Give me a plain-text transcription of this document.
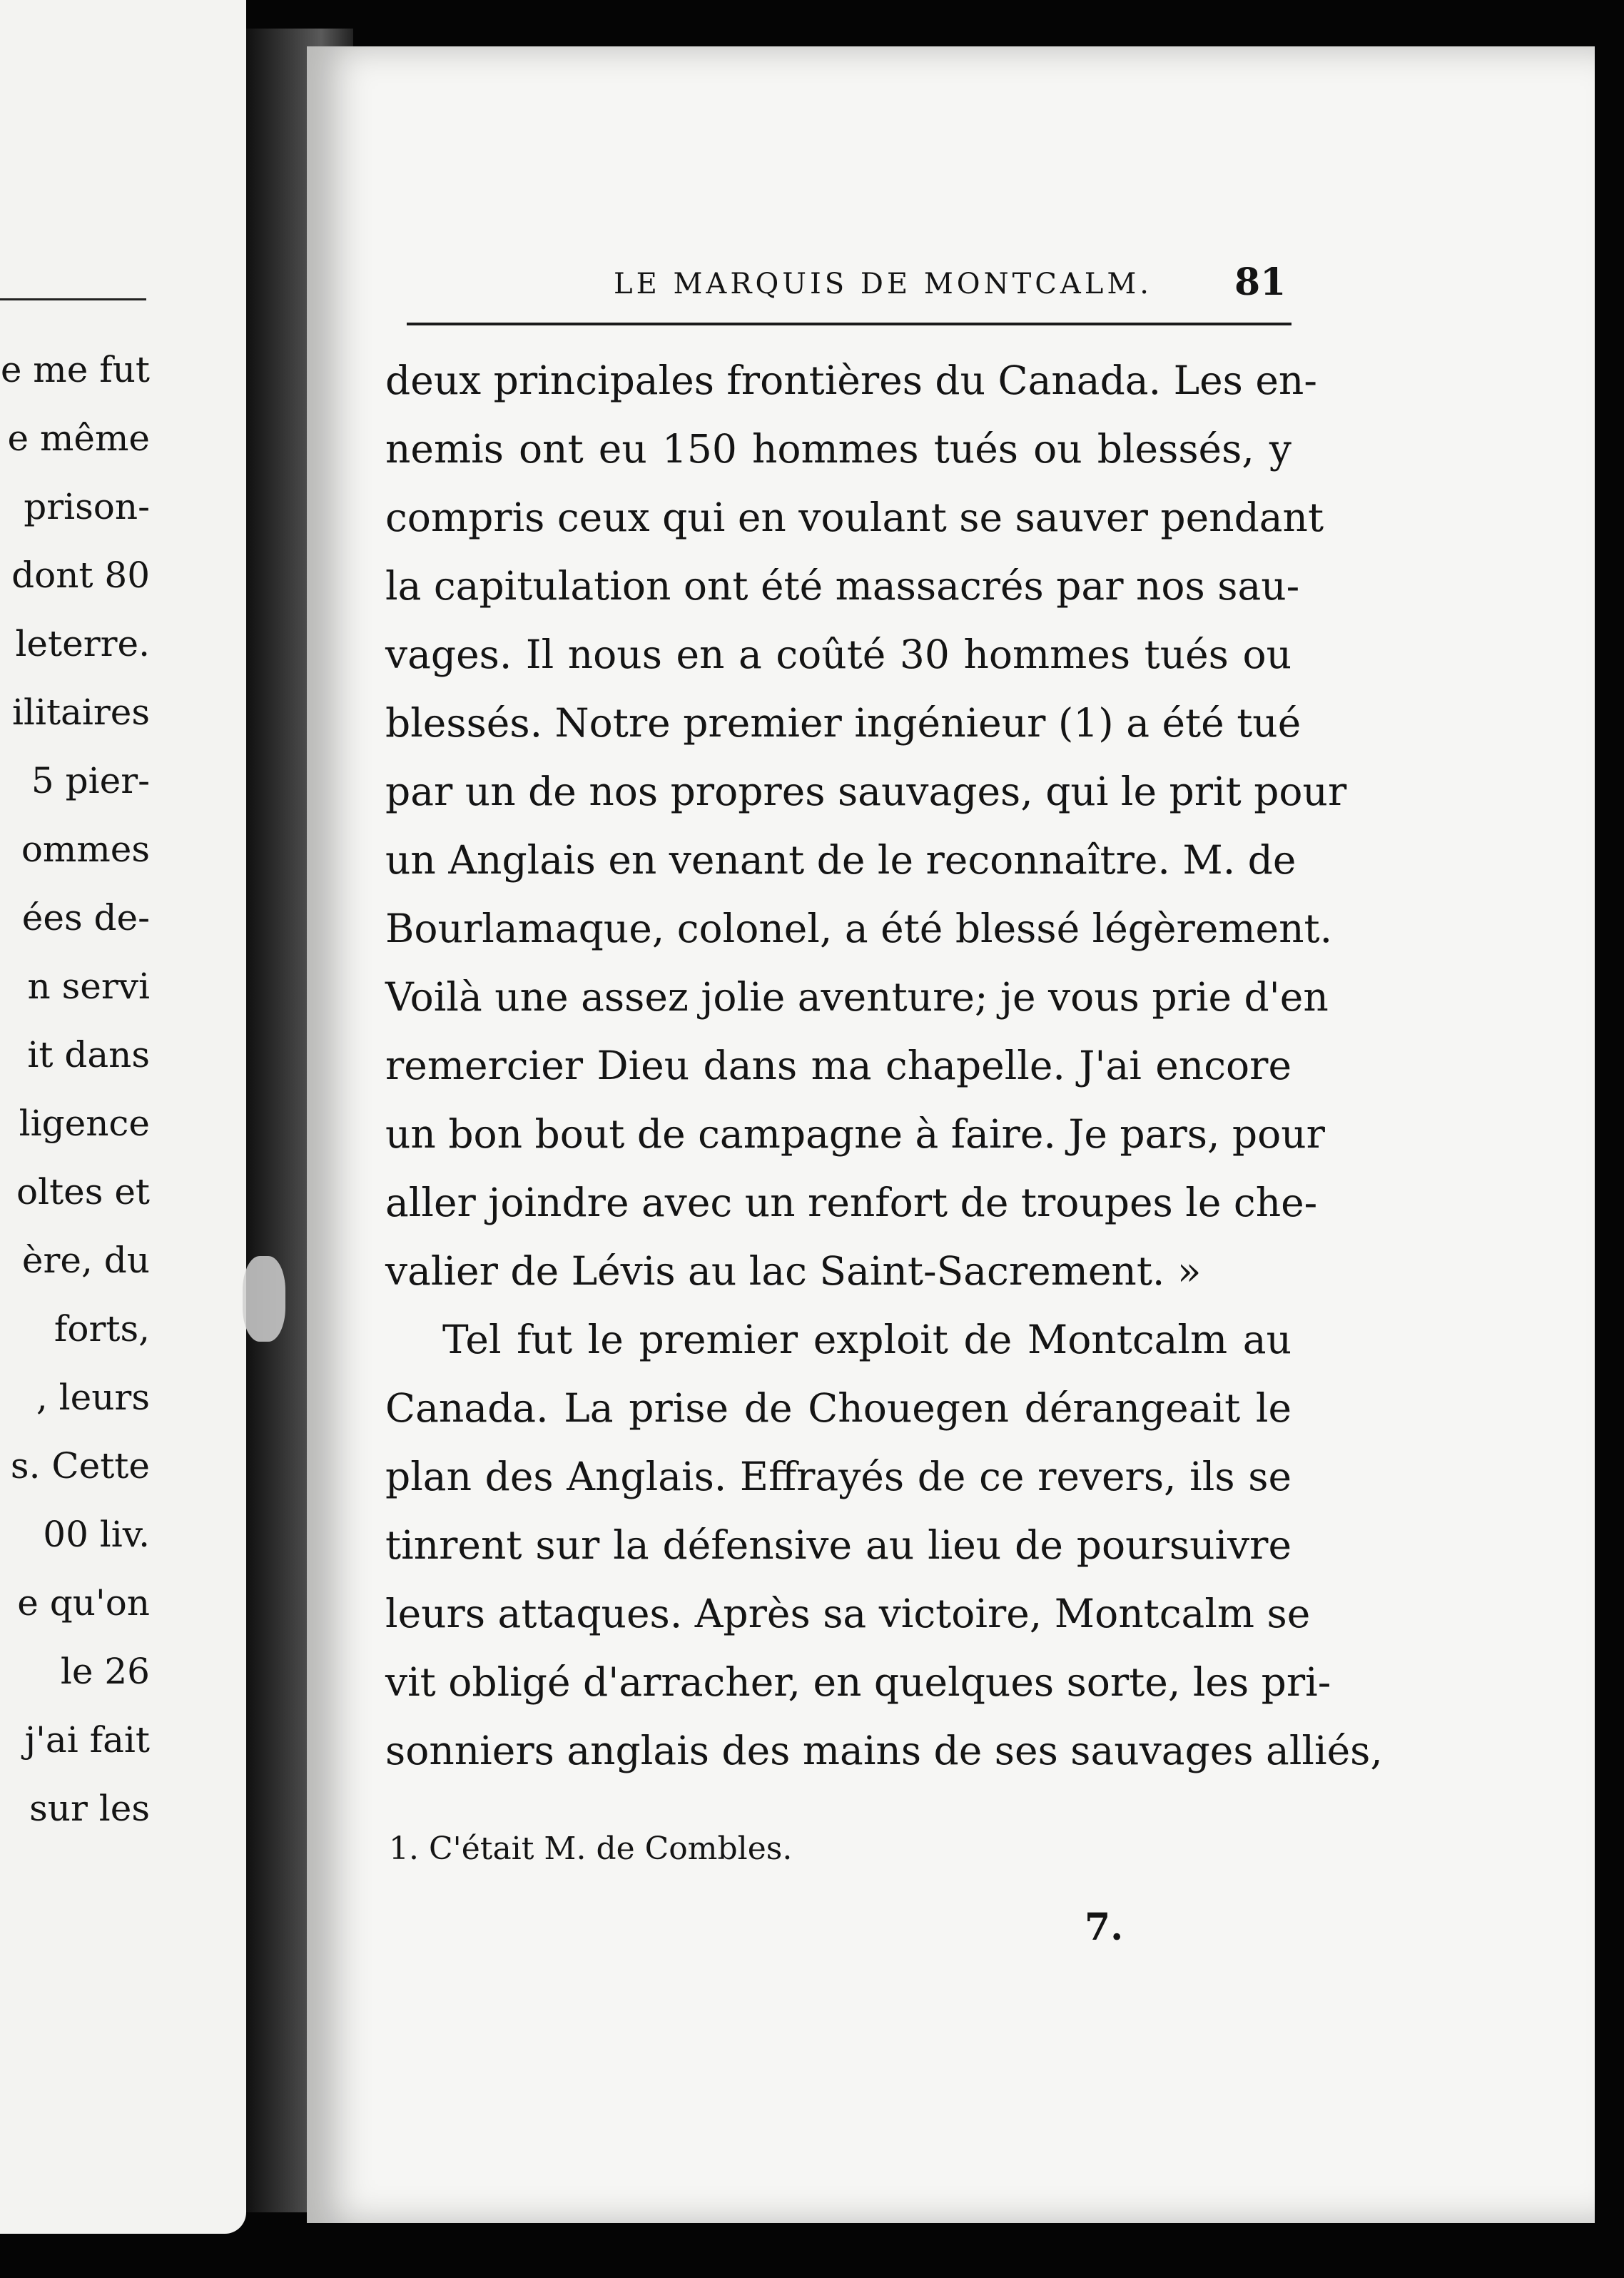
e me fut
e même
prison-
dont 80
leterre.
ilitaires
5 pier-
ommes
ées de-
n servi
it dans
ligence
oltes et
ère, du
forts,
, leurs
s. Cette
00 liv.
e qu'on
le 26
j'ai fait
sur les
LE MARQUIS DE MONTCALM. 81
deux principales frontières du Canada. Les en-
nemis ont eu 150 hommes tués ou blessés, y
compris ceux qui en voulant se sauver pendant
la capitulation ont été massacrés par nos sau-
vages. Il nous en a coûté 30 hommes tués ou
blessés. Notre premier ingénieur (1) a été tué
par un de nos propres sauvages, qui le prit pour
un Anglais en venant de le reconnaître. M. de
Bourlamaque, colonel, a été blessé légèrement.
Voilà une assez jolie aventure; je vous prie d'en
remercier Dieu dans ma chapelle. J'ai encore
un bon bout de campagne à faire. Je pars, pour
aller joindre avec un renfort de troupes le che-
valier de Lévis au lac Saint-Sacrement. »
Tel fut le premier exploit de Montcalm au
Canada. La prise de Chouegen dérangeait le
plan des Anglais. Effrayés de ce revers, ils se
tinrent sur la défensive au lieu de poursuivre
leurs attaques. Après sa victoire, Montcalm se
vit obligé d'arracher, en quelques sorte, les pri-
sonniers anglais des mains de ses sauvages alliés,
1. C'était M. de Combles.
7.
